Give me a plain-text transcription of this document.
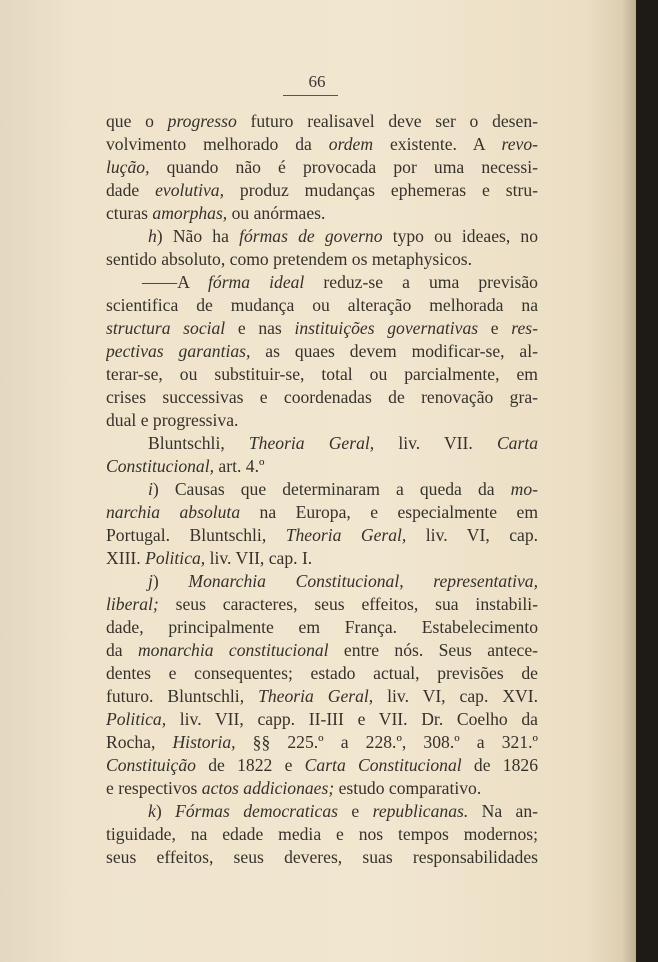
66
que o progresso futuro realisavel deve ser o desen-
volvimento melhorado da ordem existente. A revo-
lução, quando não é provocada por uma necessi-
dade evolutiva, produz mudanças ephemeras e stru-
cturas amorphas, ou anórmaes.
h) Não ha fórmas de governo typo ou ideaes, no
sentido absoluto, como pretendem os metaphysicos.
——A fórma ideal reduz-se a uma previsão
scientifica de mudança ou alteração melhorada na
structura social e nas instituições governativas e res-
pectivas garantias, as quaes devem modificar-se, al-
terar-se, ou substituir-se, total ou parcialmente, em
crises successivas e coordenadas de renovação gra-
dual e progressiva.
Bluntschli, Theoria Geral, liv. VII. Carta
Constitucional, art. 4.º
i) Causas que determinaram a queda da mo-
narchia absoluta na Europa, e especialmente em
Portugal. Bluntschli, Theoria Geral, liv. VI, cap.
XIII. Politica, liv. VII, cap. I.
j) Monarchia Constitucional, representativa,
liberal; seus caracteres, seus effeitos, sua instabili-
dade, principalmente em França. Estabelecimento
da monarchia constitucional entre nós. Seus antece-
dentes e consequentes; estado actual, previsões de
futuro. Bluntschli, Theoria Geral, liv. VI, cap. XVI.
Politica, liv. VII, capp. II-III e VII. Dr. Coelho da
Rocha, Historia, §§ 225.º a 228.º, 308.º a 321.º
Constituição de 1822 e Carta Constitucional de 1826
e respectivos actos addicionaes; estudo comparativo.
k) Fórmas democraticas e republicanas. Na an-
tiguidade, na edade media e nos tempos modernos;
seus effeitos, seus deveres, suas responsabilidades
